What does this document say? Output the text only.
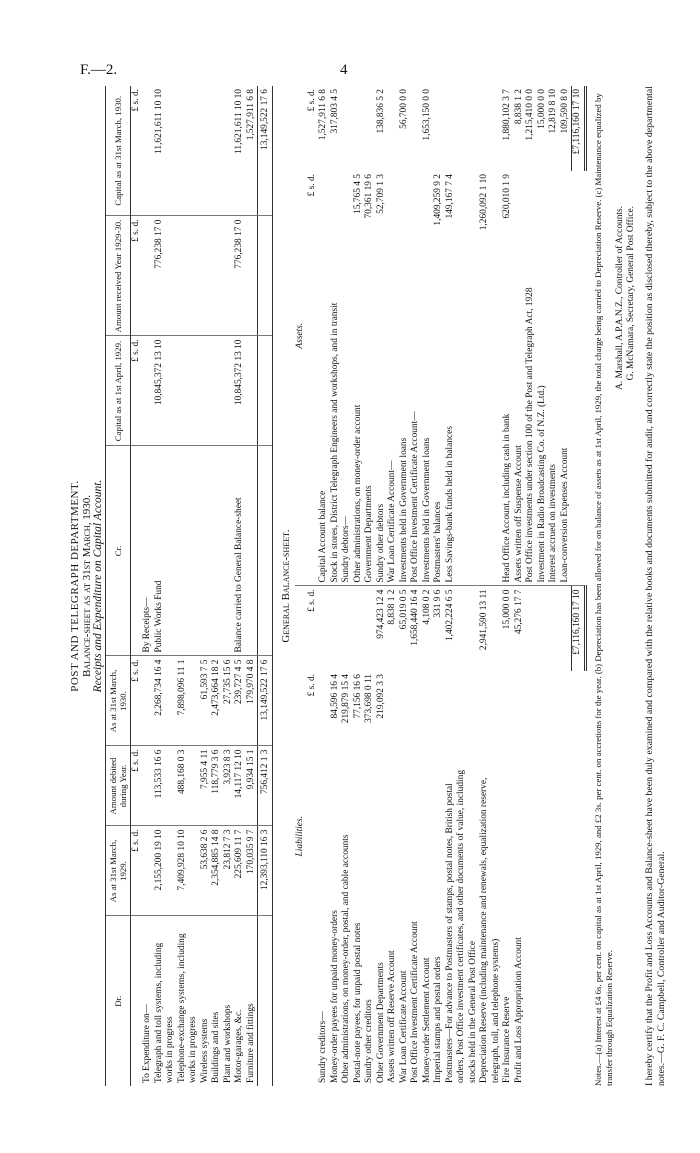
F.—2.	4
POST AND TELEGRAPH DEPARTMENT. Balance-sheet as at 31st March, 1930. Receipts and Expenditure on Capital Account.
Dr.	As at 31st March, 1929.	Amount debited during Year.	As at 31st March, 1930.	Cr.	Capital as at 1st April, 1929.	Amount received Year 1929-30.	Capital as at 31st March, 1930.
	£ s. d.	£ s. d.	£ s. d.		£ s. d.	£ s. d.	£ s. d.
To Expenditure on—				By Receipts—			
Telegraph and toll systems, including works in progress	2,155,200 19 10	113,533 16 6	2,268,734 16 4	Public Works Fund	10,845,372 13 10	776,238 17 0	11,621,611 10 10
Telephone-exchange systems, including works in progress	7,409,928 10 10	488,168 0 3	7,898,096 11 1				
Wireless systems	53,638 2 6	7,955 4 11	61,593 7 5				
Buildings and sites	2,354,885 14 8	118,779 3 6	2,473,664 18 2				
Plant and workshops	23,812 7 3	3,923 8 3	27,735 15 6				
Motor-garages, &c.	225,609 11 7	14,117 12 10	239,727 4 5	Balance carried to General Balance-sheet	10,845,372 13 10	776,238 17 0	11,621,611 10 10
Furniture and fittings	170,035 9 7	9,934 15 1	179,970 4 8				1,527,911 6 8
	12,393,110 16 3	756,412 1 3	13,149,522 17 6				13,149,522 17 6
General Balance-sheet.
Liabilities.			Assets.		
	£ s. d.	£ s. d.		£ s. d.	£ s. d.
Sundry creditors—			Capital Account balance		1,527,911 6 8
Money-order payees for unpaid money-orders	84,596 16 4		Stock in stores, District Telegraph Engineers and workshops, and in transit		317,803 4 5
Other administrations, on money-order, postal, and cable accounts	219,879 15 4		Sundry debtors—		
Postal-note payees, for unpaid postal notes	77,156 16 6		Other administrations, on money-order account	15,765 4 5	
Sundry other creditors	373,698 0 11		Government Departments	70,361 19 6	
Other Government Departments	219,092 3 3	974,423 12 4	Sundry other debtors	52,709 1 3	138,836 5 2
Assets written off Reserve Account		8,838 1 2	War Loan Certificate Account—		
War Loan Certificate Account		65,019 0 5	Investments held in Government loans		56,700 0 0
Post Office Investment Certificate Account		1,658,440 16 4	Post Office Investment Certificate Account—		
Money-order Settlement Account		4,108 0 2	Investments held in Government loans		1,653,150 0 0
Imperial stamps and postal orders		331 9 6	Postmasters' balances	1,409,259 9 2	
Postmasters—For advance to Postmasters of stamps, postal notes, British postal orders, Post Office investment certificates, and other documents of value, including stocks held in the General Post Office		1,402,224 6 5	Less Savings-bank funds held in balances	149,167 7 4	
Depreciation Reserve (including maintenance and renewals, equalization reserve, telegraph, toll, and telephone systems)		2,941,590 13 11		1,260,092 1 10	
Fire Insurance Reserve		15,000 0 0	Head Office Account, including cash in bank	620,010 1 9	1,880,102 3 7
Profit and Loss Appropriation Account		45,276 17 7	Assets written off Suspense Account		8,838 1 2
			Post Office investments under section 100 of the Post and Telegraph Act, 1928		1,215,410 0 0
			Investment in Radio Broadcasting Co. of N.Z. (Ltd.)		15,000 0 0
			Interest accrued on investments		12,819 8 10
			Loan-conversion Expenses Account		109,590 8 0
		£7,116,160 17 10			£7,116,160 17 10 Notes.—(a) Interest at £4 6s. per cent. on capital as at 1st April, 1929, and £2 3s. per cent. on accretions for the year. (b) Depreciation has been allowed for on balance of assets as at 1st April, 1929, the total charge being carried to Depreciation Reserve. (c) Maintenance equalized by transfer through Equalization Reserve.
A. Marshall, A.P.A.N.Z., Controller of Accounts. G. McNamara, Secretary, General Post Office. I hereby certify that the Profit and Loss Accounts and Balance-sheet have been duly examined and compared with the relative books and documents submitted for audit, and correctly state the position as disclosed thereby, subject to the above departmental notes.—G. F. C. Campbell, Controller and Auditor-General.
